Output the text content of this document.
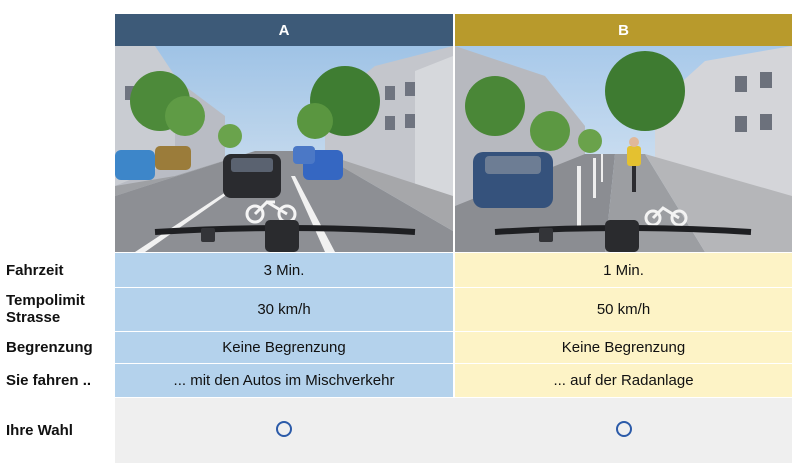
A	B
Fahrzeit
Tempolimit
Strasse
Begrenzung
Sie fahren ..
Ihre Wahl
3 Min.
30 km/h
Keine Begrenzung
... mit den Autos im Mischverkehr
1 Min.
50 km/h
Keine Begrenzung
... auf der Radanlage
